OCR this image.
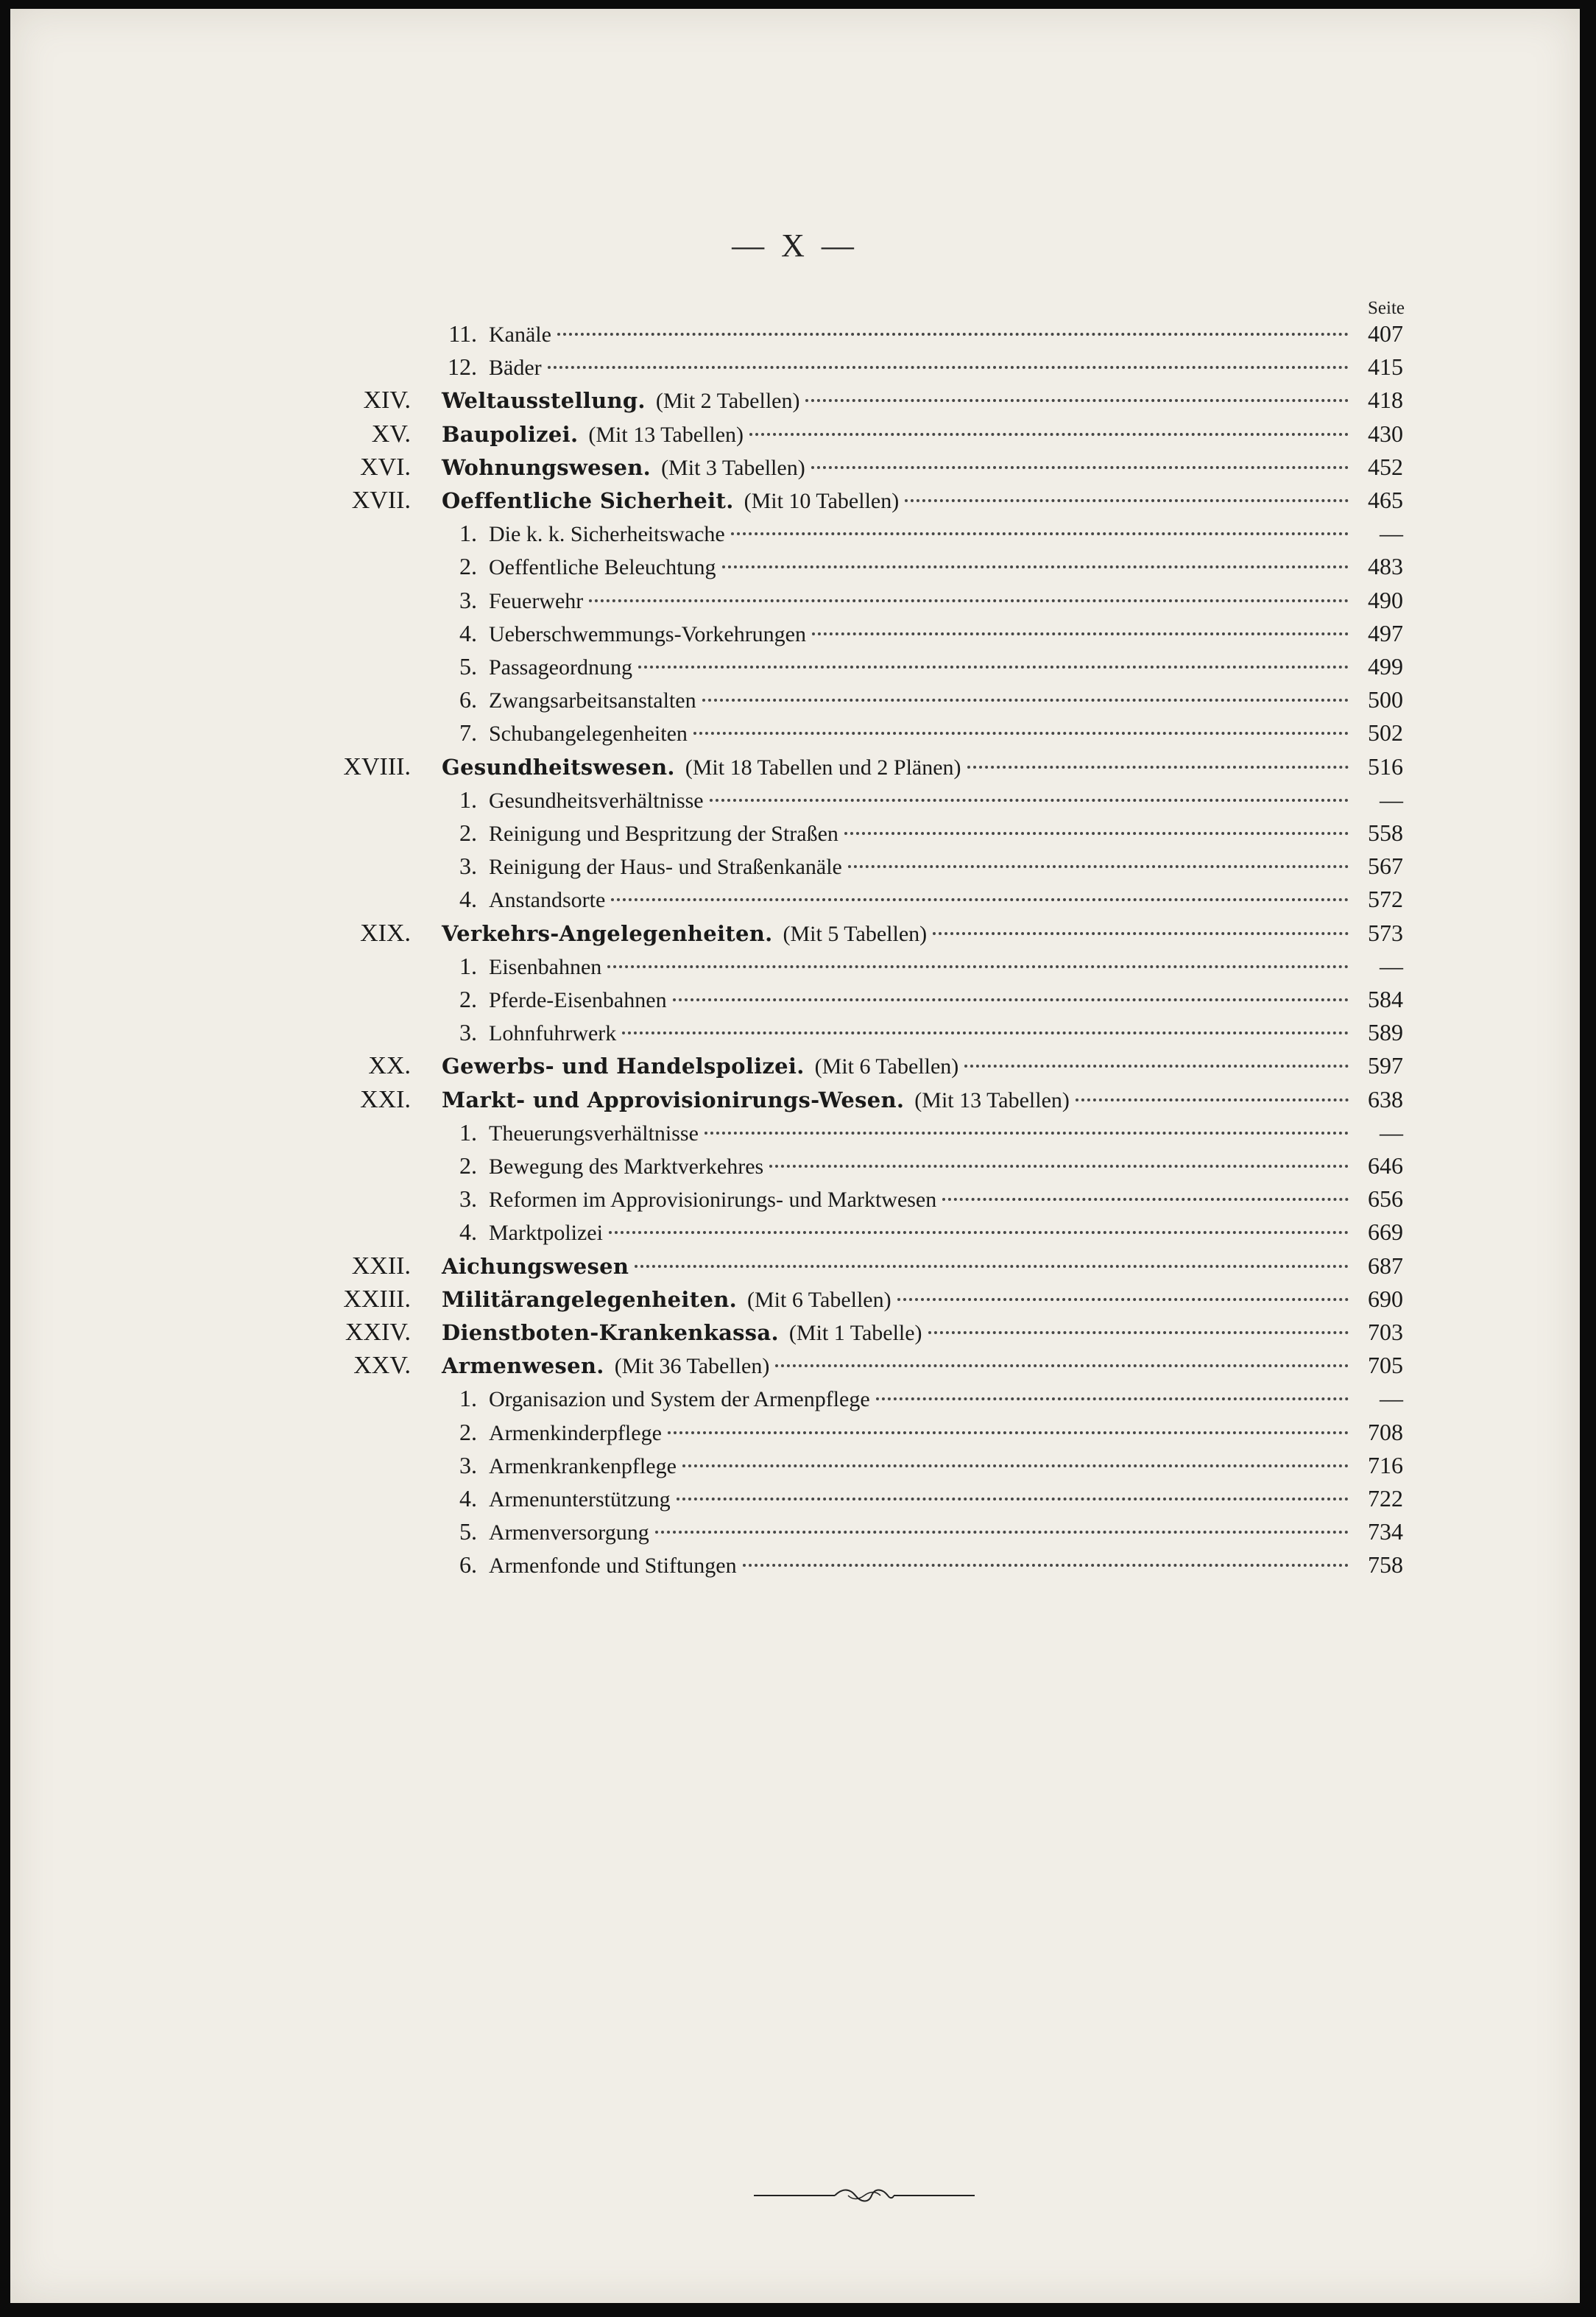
— X —
Seite
11. Kanäle	407
12. Bäder	415
XIV. Weltausstellung. (Mit 2 Tabellen)	418
XV. Baupolizei. (Mit 13 Tabellen)	430
XVI. Wohnungswesen. (Mit 3 Tabellen)	452
XVII. Oeffentliche Sicherheit. (Mit 10 Tabellen)	465
1. Die k. k. Sicherheitswache	—
2. Oeffentliche Beleuchtung	483
3. Feuerwehr	490
4. Ueberschwemmungs-Vorkehrungen	497
5. Passageordnung	499
6. Zwangsarbeitsanstalten	500
7. Schubangelegenheiten	502
XVIII. Gesundheitswesen. (Mit 18 Tabellen und 2 Plänen)	516
1. Gesundheitsverhältnisse	—
2. Reinigung und Bespritzung der Straßen	558
3. Reinigung der Haus- und Straßenkanäle	567
4. Anstandsorte	572
XIX. Verkehrs-Angelegenheiten. (Mit 5 Tabellen)	573
1. Eisenbahnen	—
2. Pferde-Eisenbahnen	584
3. Lohnfuhrwerk	589
XX. Gewerbs- und Handelspolizei. (Mit 6 Tabellen)	597
XXI. Markt- und Approvisionirungs-Wesen. (Mit 13 Tabellen)	638
1. Theuerungsverhältnisse	—
2. Bewegung des Marktverkehres	646
3. Reformen im Approvisionirungs- und Marktwesen	656
4. Marktpolizei	669
XXII. Aichungswesen	687
XXIII. Militärangelegenheiten. (Mit 6 Tabellen)	690
XXIV. Dienstboten-Krankenkassa. (Mit 1 Tabelle)	703
XXV. Armenwesen. (Mit 36 Tabellen)	705
1. Organisazion und System der Armenpflege	—
2. Armenkinderpflege	708
3. Armenkrankenpflege	716
4. Armenunterstützung	722
5. Armenversorgung	734
6. Armenfonde und Stiftungen	758
